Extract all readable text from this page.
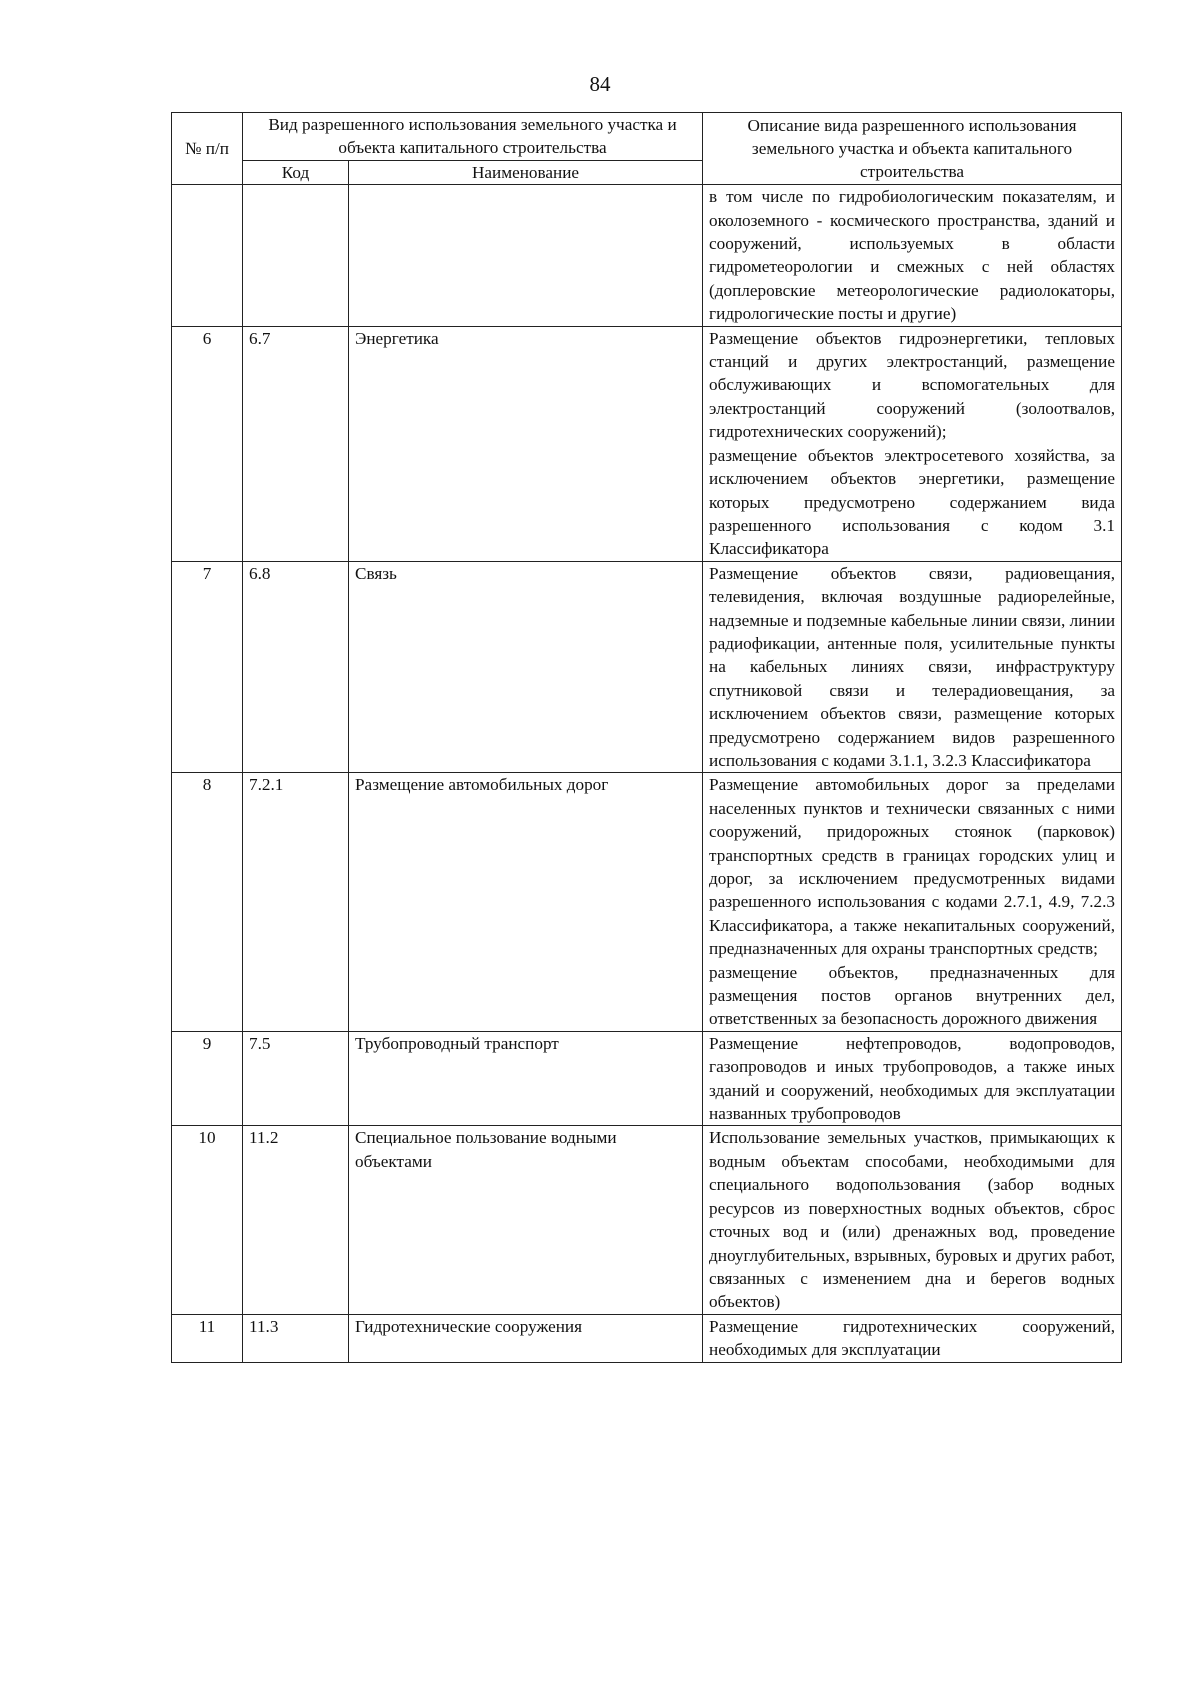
84
№ п/п	Вид разрешенного использования земельного участка и объекта капитального строительства		Описание вида разрешенного использования земельного участка и объекта капитального строительства
	Код	Наименование	

			в том числе по гидробиологическим показателям, и околоземного - космического пространства, зданий и сооружений, используемых в области гидрометеорологии и смежных с ней областях (доплеровские метеорологические радиолокаторы, гидрологические посты и другие)

6	6.7	Энергетика	Размещение объектов гидроэнергетики, тепловых станций и других электростанций, размещение обслуживающих и вспомогательных для электростанций сооружений (золоотвалов, гидротехнических сооружений);

размещение объектов электросетевого хозяйства, за исключением объектов энергетики, размещение которых предусмотрено содержанием вида разрешенного использования с кодом 3.1 Классификатора

7	6.8	Связь	Размещение объектов связи, радиовещания, телевидения, включая воздушные радиорелейные, надземные и подземные кабельные линии связи, линии радиофикации, антенные поля, усилительные пункты на кабельных линиях связи, инфраструктуру спутниковой связи и телерадиовещания, за исключением объектов связи, размещение которых предусмотрено содержанием видов разрешенного использования с кодами 3.1.1, 3.2.3 Классификатора

8	7.2.1	Размещение автомобильных дорог	Размещение автомобильных дорог за пределами населенных пунктов и технически связанных с ними сооружений, придорожных стоянок (парковок) транспортных средств в границах городских улиц и дорог, за исключением предусмотренных видами разрешенного использования с кодами 2.7.1, 4.9, 7.2.3 Классификатора, а также некапитальных сооружений, предназначенных для охраны транспортных средств;

размещение объектов, предназначенных для размещения постов органов внутренних дел, ответственных за безопасность дорожного движения

9	7.5	Трубопроводный транспорт	Размещение нефтепроводов, водопроводов, газопроводов и иных трубопроводов, а также иных зданий и сооружений, необходимых для эксплуатации названных трубопроводов

10	11.2	Специальное пользование водными объектами	Использование земельных участков, примыкающих к водным объектам способами, необходимыми для специального водопользования (забор водных ресурсов из поверхностных водных объектов, сброс сточных вод и (или) дренажных вод, проведение дноуглубительных, взрывных, буровых и других работ, связанных с изменением дна и берегов водных объектов)

11	11.3	Гидротехнические сооружения	Размещение гидротехнических сооружений, необходимых для эксплуатации
